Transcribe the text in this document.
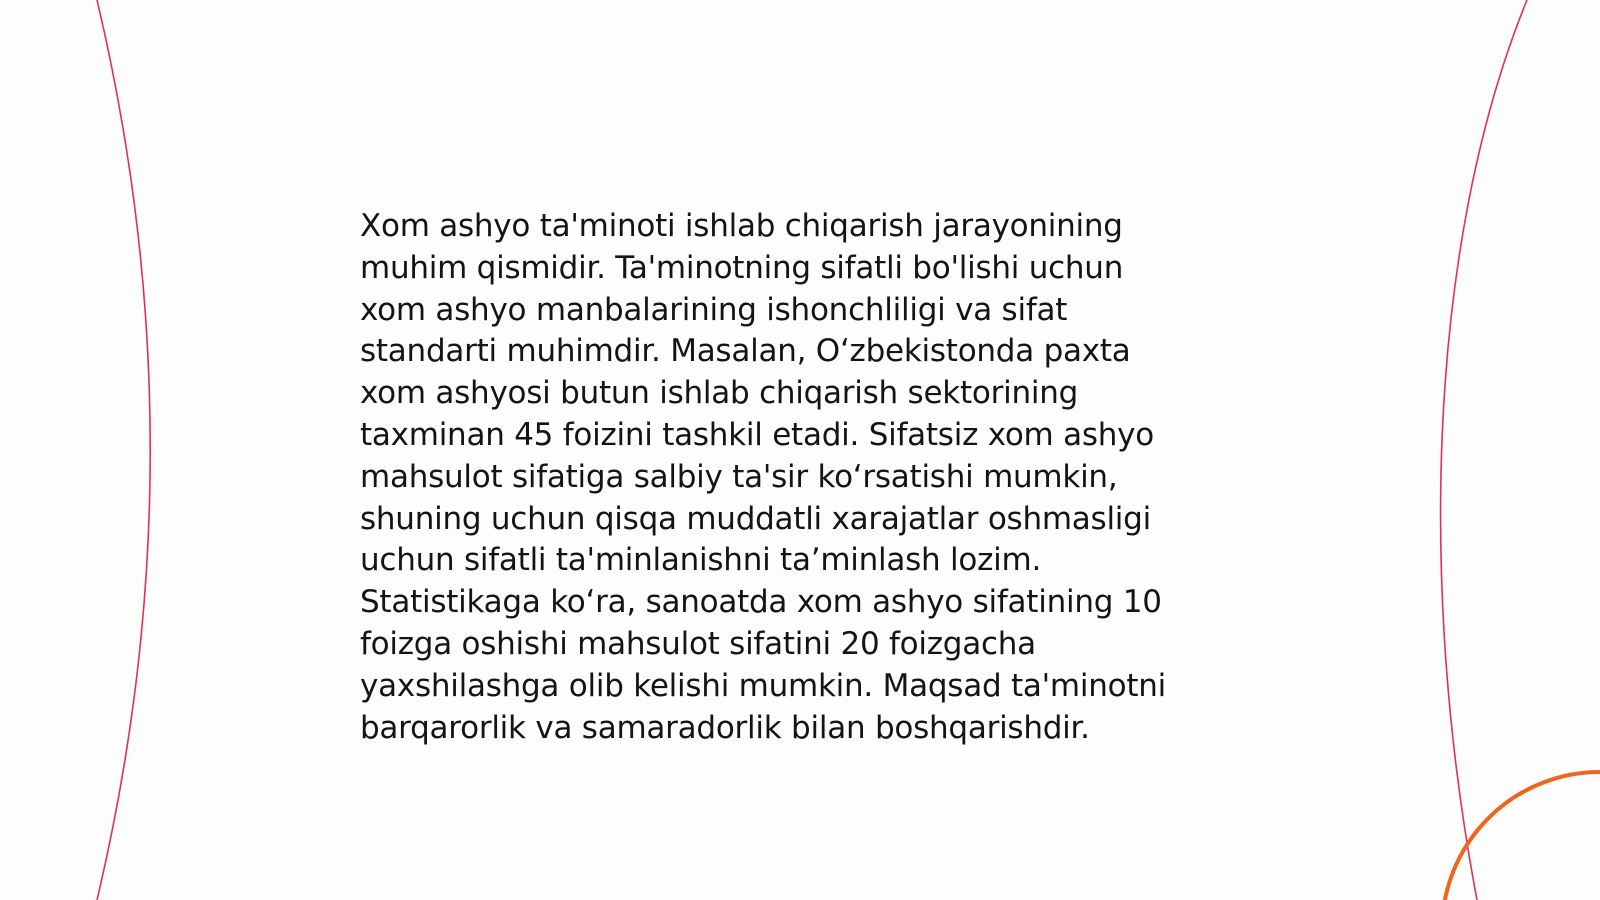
Xom ashyo ta'minoti ishlab chiqarish jarayonining
muhim qismidir. Ta'minotning sifatli bo'lishi uchun
xom ashyo manbalarining ishonchliligi va sifat
standarti muhimdir. Masalan, O‘zbekistonda paxta
xom ashyosi butun ishlab chiqarish sektorining
taxminan 45 foizini tashkil etadi. Sifatsiz xom ashyo
mahsulot sifatiga salbiy ta'sir ko‘rsatishi mumkin,
shuning uchun qisqa muddatli xarajatlar oshmasligi
uchun sifatli ta'minlanishni ta’minlash lozim.
Statistikaga ko‘ra, sanoatda xom ashyo sifatining 10
foizga oshishi mahsulot sifatini 20 foizgacha
yaxshilashga olib kelishi mumkin. Maqsad ta'minotni
barqarorlik va samaradorlik bilan boshqarishdir.
